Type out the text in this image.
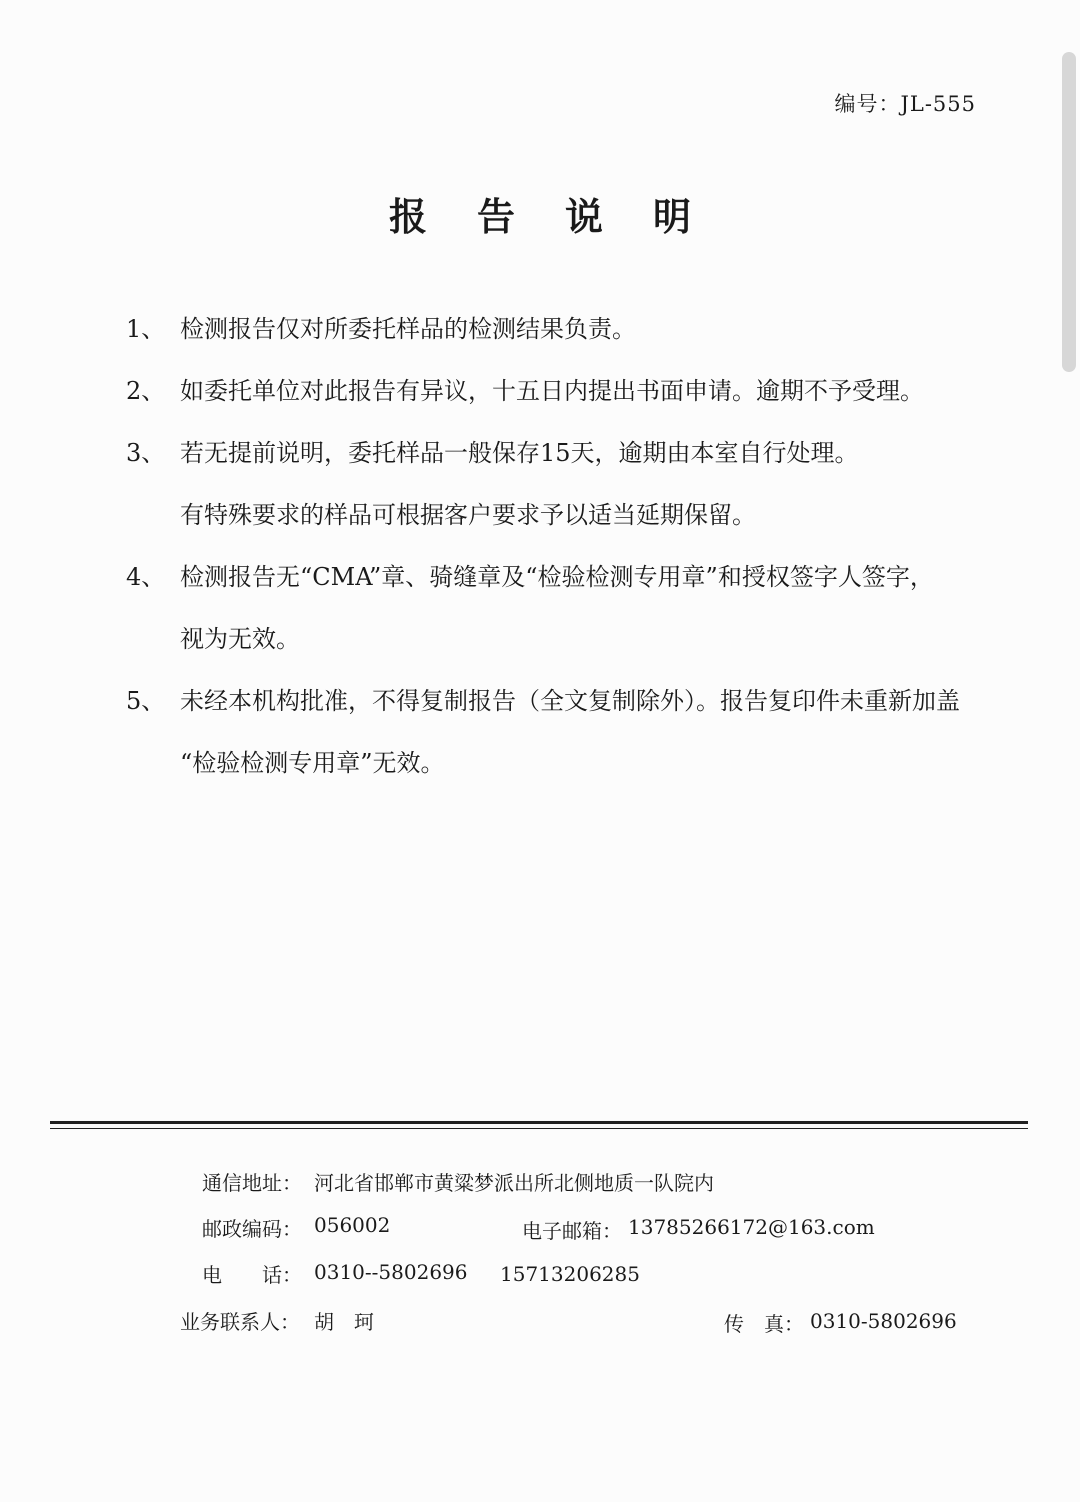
编号：JL-555
报告说明
1、 检测报告仅对所委托样品的检测结果负责。
2、 如委托单位对此报告有异议，十五日内提出书面申请。逾期不予受理。
3、 若无提前说明，委托样品一般保存15天，逾期由本室自行处理。
有特殊要求的样品可根据客户要求予以适当延期保留。
4、 检测报告无“CMA”章、骑缝章及“检验检测专用章”和授权签字人签字，
视为无效。
5、 未经本机构批准，不得复制报告（全文复制除外）。报告复印件未重新加盖
“检验检测专用章”无效。
通信地址： 河北省邯郸市黄粱梦派出所北侧地质一队院内
邮政编码： 056002	电子邮箱： 13785266172@163.com
电　　话： 0310--5802696 15713206285
业务联系人： 胡　珂	传　真： 0310-5802696
